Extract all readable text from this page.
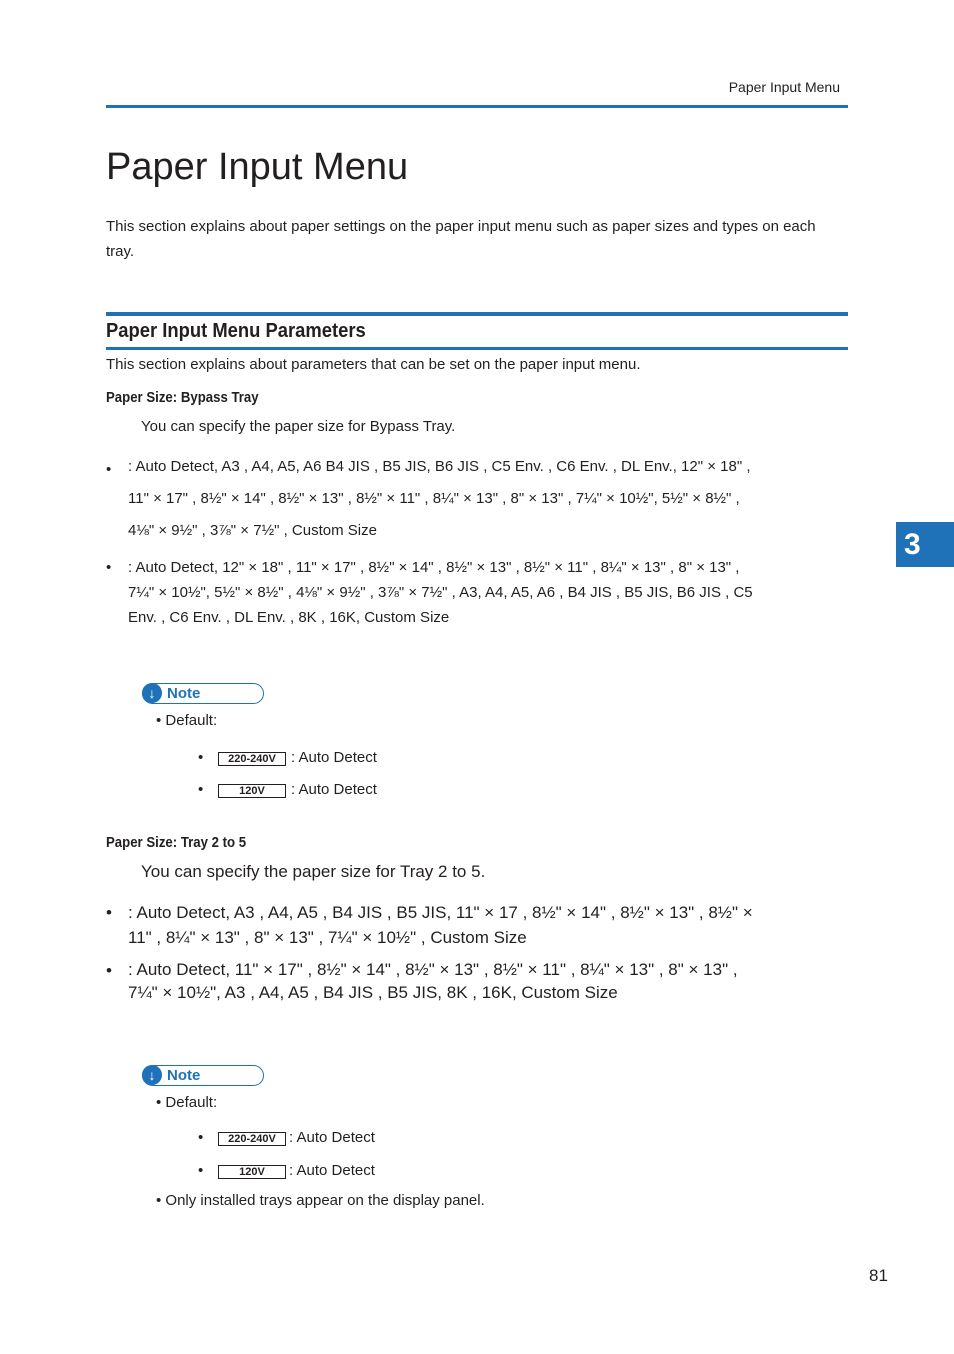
Paper Input Menu
Paper Input Menu
This section explains about paper settings on the paper input menu such as paper sizes and types on each tray.
Paper Input Menu Parameters
This section explains about parameters that can be set on the paper input menu.
Paper Size: Bypass Tray
You can specify the paper size for Bypass Tray.
• : Auto Detect, A3 , A4, A5, A6 B4 JIS , B5 JIS, B6 JIS , C5 Env. , C6 Env. , DL Env., 12" × 18" , 11" × 17" , 8½" × 14" , 8½" × 13" , 8½" × 11" , 8¼" × 13" , 8" × 13" , 7¼" × 10½", 5½" × 8½" , 4⅛" × 9½" , 3⅞" × 7½" , Custom Size
• : Auto Detect, 12" × 18" , 11" × 17" , 8½" × 14" , 8½" × 13" , 8½" × 11" , 8¼" × 13" , 8" × 13" , 7¼" × 10½", 5½" × 8½" , 4⅛" × 9½" , 3⅞" × 7½" , A3, A4, A5, A6 , B4 JIS , B5 JIS, B6 JIS , C5 Env. , C6 Env. , DL Env. , 8K , 16K, Custom Size
↓ Note
• Default:
•	220-240V	: Auto Detect
•	120V	: Auto Detect
Paper Size: Tray 2 to 5
You can specify the paper size for Tray 2 to 5.
• : Auto Detect, A3 , A4, A5 , B4 JIS , B5 JIS, 11" × 17 , 8½" × 14" , 8½" × 13" , 8½" × 11" , 8¼" × 13" , 8" × 13" , 7¼" × 10½" , Custom Size
• : Auto Detect, 11" × 17" , 8½" × 14" , 8½" × 13" , 8½" × 11" , 8¼" × 13" , 8" × 13" , 7¼" × 10½", A3 , A4, A5 , B4 JIS , B5 JIS, 8K , 16K, Custom Size
↓ Note
• Default:
•	220-240V : Auto Detect
•	120V	: Auto Detect
• Only installed trays appear on the display panel.
3
81
